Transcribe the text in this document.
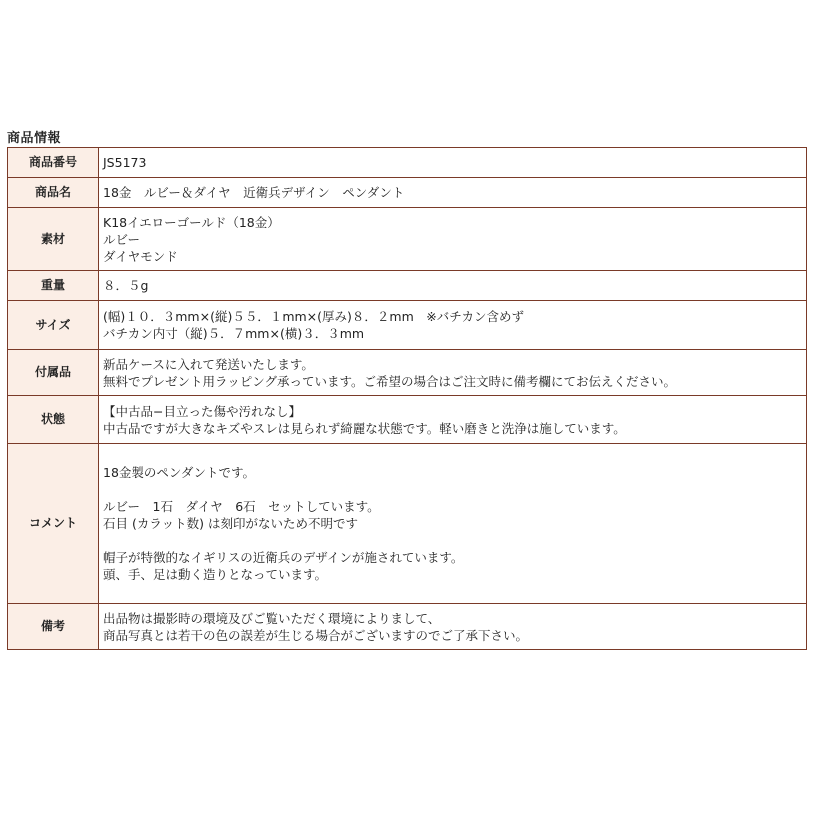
商品情報
商品番号	JS5173

商品名	18金　ルビー＆ダイヤ　近衛兵デザイン　ペンダント

素材	K18イエローゴールド（18金）
ルビー
ダイヤモンド

重量	８．５g

サイズ	(幅)１０．３mm×(縦)５５．１mm×(厚み)８．２mm　※バチカン含めず
バチカン内寸（縦)５．７mm×(横)３．３mm

付属品	新品ケースに入れて発送いたします。
無料でプレゼント用ラッピング承っています。ご希望の場合はご注文時に備考欄にてお伝えください。

状態	【中古品−目立った傷や汚れなし】
中古品ですが大きなキズやスレは見られず綺麗な状態です。軽い磨きと洗浄は施しています。

コメント	18金製のペンダントです。
ルビー　1石　ダイヤ　6石　セットしています。
石目 (カラット数) は刻印がないため不明です
帽子が特徴的なイギリスの近衛兵のデザインが施されています。
頭、手、足は動く造りとなっています。

備考	出品物は撮影時の環境及びご覧いただく環境によりまして、
商品写真とは若干の色の誤差が生じる場合がございますのでご了承下さい。
